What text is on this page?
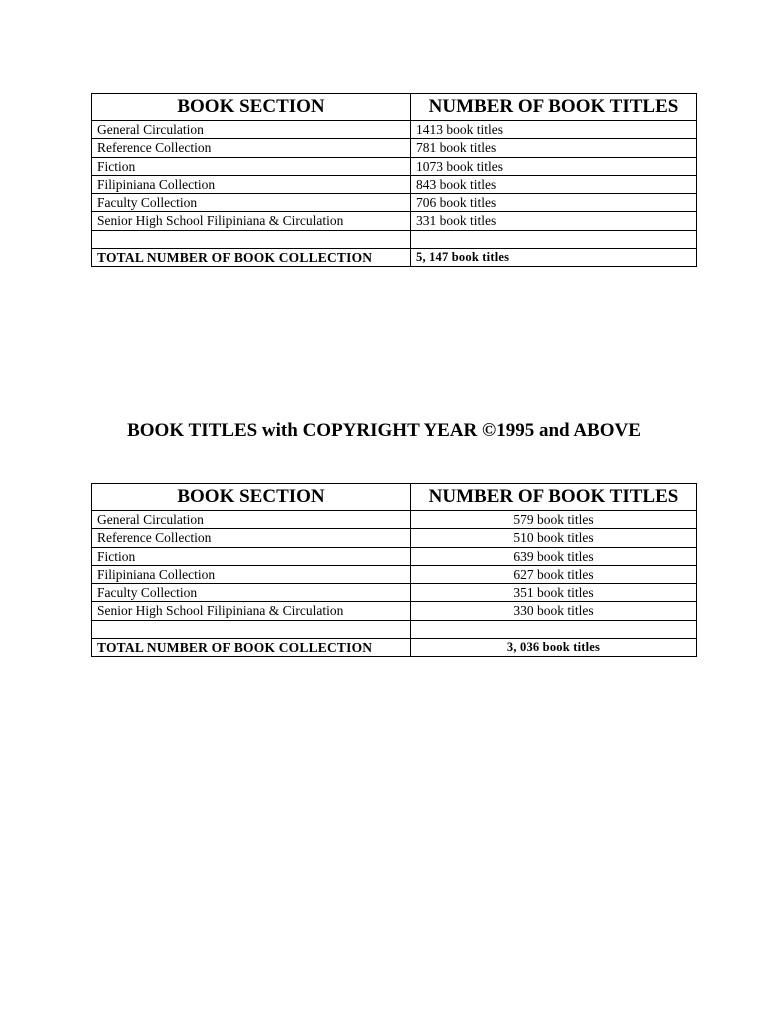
BOOK SECTION	NUMBER OF BOOK TITLES
General Circulation	1413 book titles
Reference Collection	781 book titles
Fiction	1073 book titles
Filipiniana Collection	843 book titles
Faculty Collection	706 book titles
Senior High School Filipiniana & Circulation	331 book titles

TOTAL NUMBER OF BOOK COLLECTION	5, 147 book titles
BOOK TITLES with COPYRIGHT YEAR ©1995 and ABOVE
BOOK SECTION	NUMBER OF BOOK TITLES
General Circulation	579 book titles
Reference Collection	510 book titles
Fiction	639 book titles
Filipiniana Collection	627 book titles
Faculty Collection	351 book titles
Senior High School Filipiniana & Circulation	330 book titles

TOTAL NUMBER OF BOOK COLLECTION	3, 036 book titles
